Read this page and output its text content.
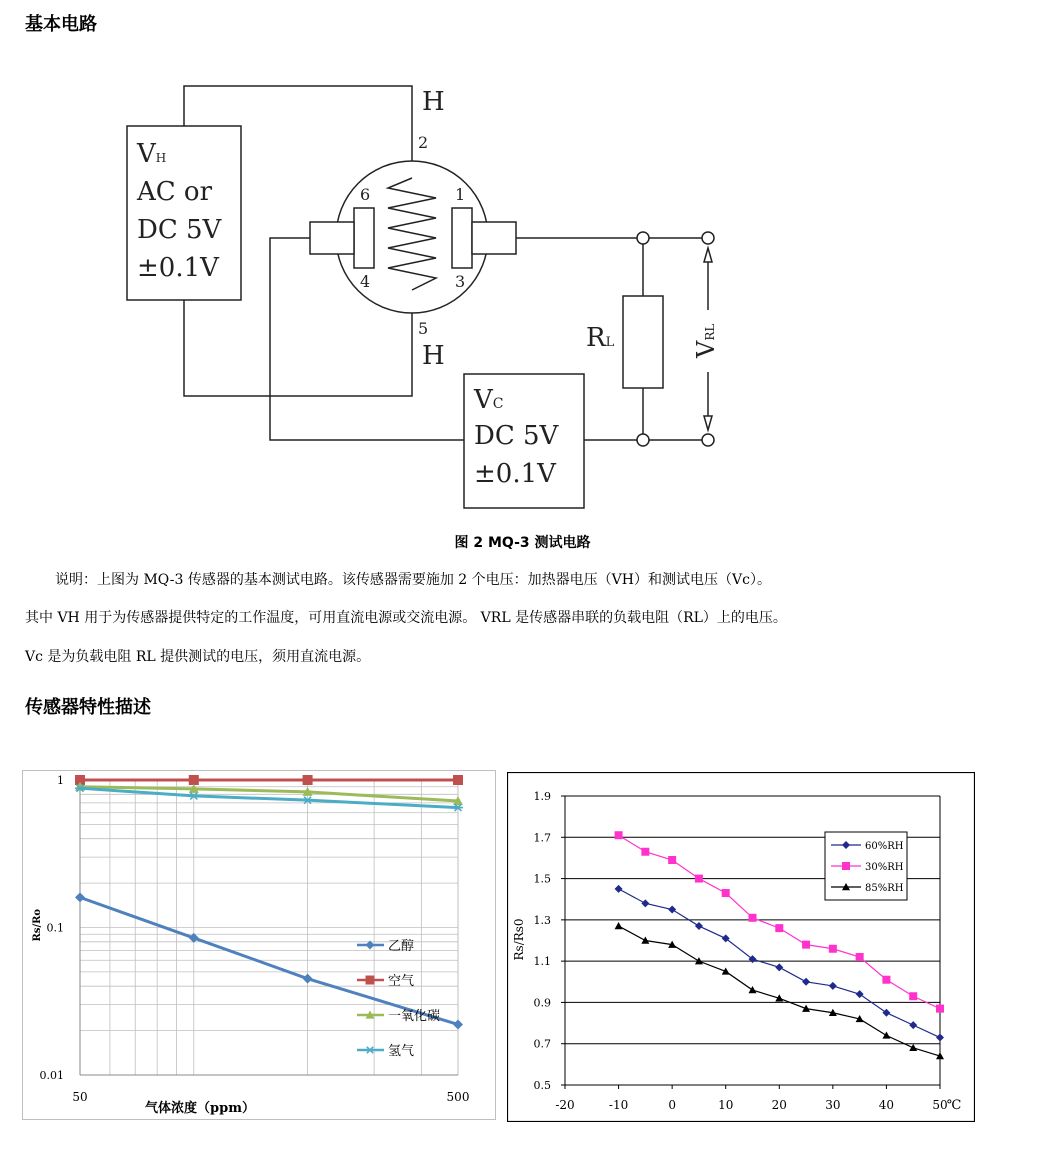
基本电路
VH
AC or
DC 5V
±0.1V
H
H
2
6	1
4	3
5
VC
DC 5V
±0.1V
RL	VRL
图 2 MQ-3 测试电路
说明：上图为 MQ-3 传感器的基本测试电路。该传感器需要施加 2 个电压：加热器电压（VH）和测试电压（Vc）。
其中 VH 用于为传感器提供特定的工作温度，可用直流电源或交流电源。 VRL 是传感器串联的负载电阻（RL）上的电压。
Vc 是为负载电阻 RL 提供测试的电压，须用直流电源。
传感器特性描述
1
0.1
0.01
50	500
气体浓度（ppm）
Rs/Ro
乙醇
空气
一氧化碳
氢气
0.5
0.7
0.9
1.1
1.3
1.5
1.7
1.9
-20	-10	0	10	20	30	40	50 ℃
Rs/Rs0
60%RH
30%RH
85%RH
